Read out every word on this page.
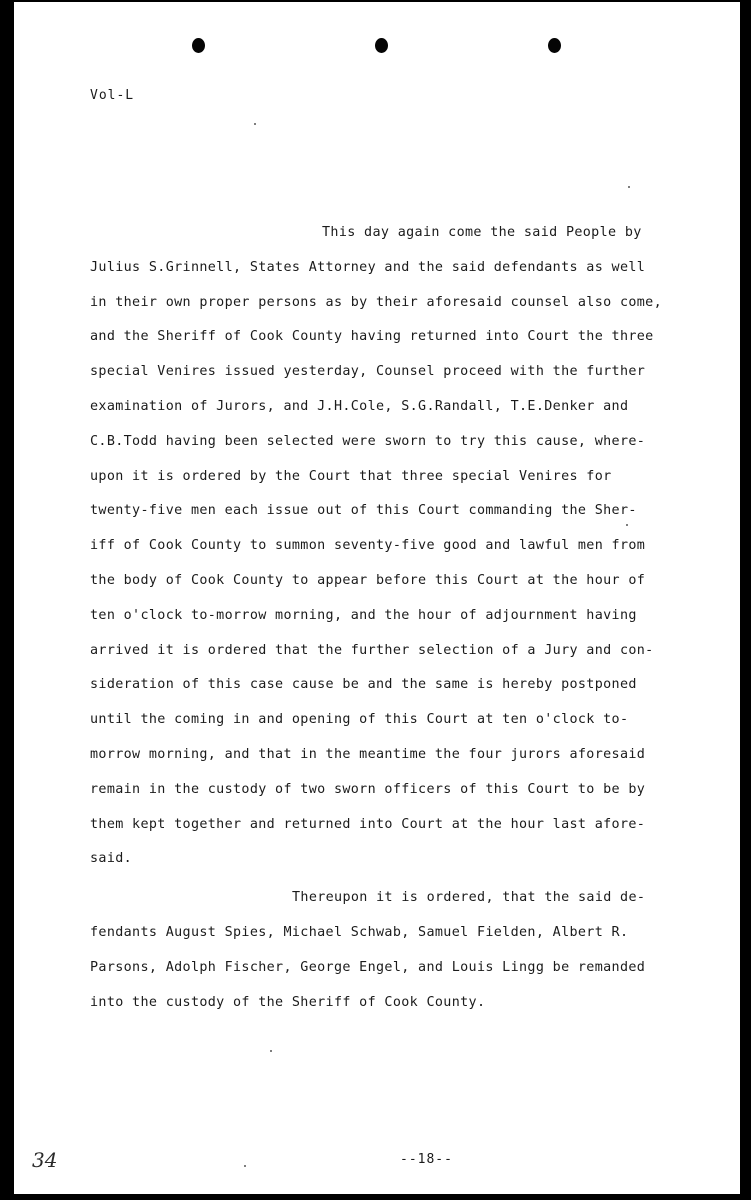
Vol-L
This day again come the said People by
Julius S.Grinnell, States Attorney and the said defendants as well
in their own proper persons as by their aforesaid counsel also come,
and the Sheriff of Cook County having returned into Court the three
special Venires issued yesterday, Counsel proceed with the further
examination of Jurors, and J.H.Cole, S.G.Randall, T.E.Denker and
C.B.Todd having been selected were sworn to try this cause, where-
upon it is ordered by the Court that three special Venires for
twenty-five men each issue out of this Court commanding the Sher-
iff of Cook County to summon seventy-five good and lawful men from
the body of Cook County to appear before this Court at the hour of
ten o'clock to-morrow morning, and the hour of adjournment having
arrived it is ordered that the further selection of a Jury and con-
sideration of this case cause be and the same is hereby postponed
until the coming in and opening of this Court at ten o'clock to-
morrow morning, and that in the meantime the four jurors aforesaid
remain in the custody of two sworn officers of this Court to be by
them kept together and returned into Court at the hour last afore-
said.
Thereupon it is ordered, that the said de-
fendants August Spies, Michael Schwab, Samuel Fielden, Albert R.
Parsons, Adolph Fischer, George Engel, and Louis Lingg be remanded
into the custody of the Sheriff of Cook County.
34	--18--
